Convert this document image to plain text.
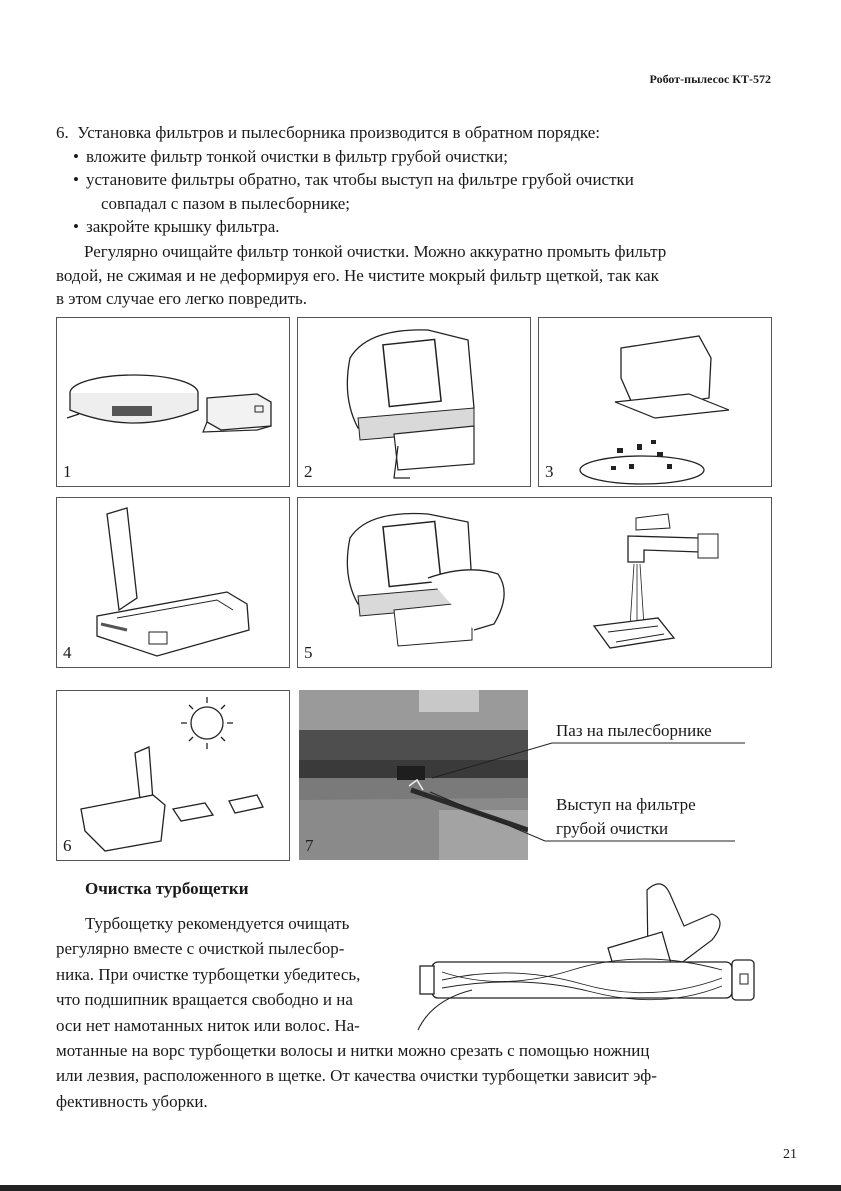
Робот-пылесос КТ-572
6.  Установка фильтров и пылесборника производится в обратном порядке:
• вложите фильтр тонкой очистки в фильтр грубой очистки;
• установите фильтры обратно, так чтобы выступ на фильтре грубой очистки
совпадал с пазом в пылесборнике;
• закройте крышку фильтра.
Регулярно очищайте фильтр тонкой очистки. Можно аккуратно промыть фильтр
водой, не сжимая и не деформируя его. Не чистите мокрый фильтр щеткой, так как
в этом случае его легко повредить.
1	2	3
4	5
6	7
Паз на пылесборнике
Выступ на фильтре
грубой очистки
Очистка турбощетки
Турбощетку рекомендуется очищать
регулярно вместе с очисткой пылесбор-
ника. При очистке турбощетки убедитесь,
что подшипник вращается свободно и на
оси нет намотанных ниток или волос. На-
мотанные на ворс турбощетки волосы и нитки можно срезать с помощью ножниц
или лезвия, расположенного в щетке. От качества очистки турбощетки зависит эф-
фективность уборки.
21
